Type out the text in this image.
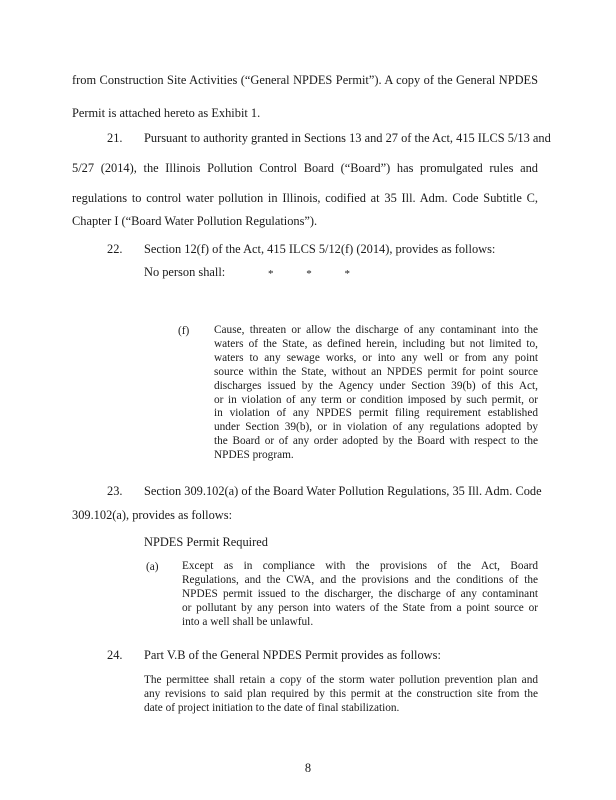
from Construction Site Activities (“General NPDES Permit”). A copy of the General NPDES

Permit is attached hereto as Exhibit 1.

21. Pursuant to authority granted in Sections 13 and 27 of the Act, 415 ILCS 5/13 and

5/27 (2014), the Illinois Pollution Control Board (“Board”) has promulgated rules and

regulations to control water pollution in Illinois, codified at 35 Ill. Adm. Code Subtitle C,

Chapter I (“Board Water Pollution Regulations”).

22. Section 12(f) of the Act, 415 ILCS 5/12(f) (2014), provides as follows:

No person shall:	*	*	*

(f) Cause, threaten or allow the discharge of any contaminant into the
waters of the State, as defined herein, including but not limited to,
waters to any sewage works, or into any well or from any point
source within the State, without an NPDES permit for point source
discharges issued by the Agency under Section 39(b) of this Act,
or in violation of any term or condition imposed by such permit, or
in violation of any NPDES permit filing requirement established
under Section 39(b), or in violation of any regulations adopted by
the Board or of any order adopted by the Board with respect to the
NPDES program.

23. Section 309.102(a) of the Board Water Pollution Regulations, 35 Ill. Adm. Code

309.102(a), provides as follows:

NPDES Permit Required

(a) Except as in compliance with the provisions of the Act, Board
Regulations, and the CWA, and the provisions and the conditions of the
NPDES permit issued to the discharger, the discharge of any contaminant
or pollutant by any person into waters of the State from a point source or
into a well shall be unlawful.

24. Part V.B of the General NPDES Permit provides as follows:

The permittee shall retain a copy of the storm water pollution prevention plan and
any revisions to said plan required by this permit at the construction site from the
date of project initiation to the date of final stabilization.
8
